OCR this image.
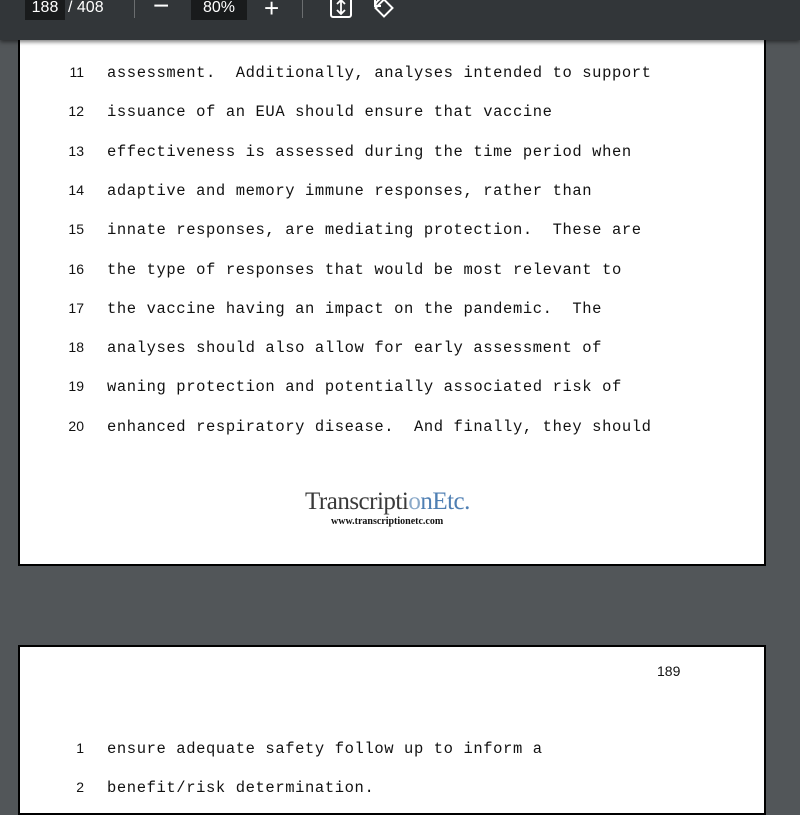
188 / 408 −	80%	+
11 assessment.  Additionally, analyses intended to support
12 issuance of an EUA should ensure that vaccine
13 effectiveness is assessed during the time period when
14 adaptive and memory immune responses, rather than
15 innate responses, are mediating protection.  These are
16 the type of responses that would be most relevant to
17 the vaccine having an impact on the pandemic.  The
18 analyses should also allow for early assessment of
19 waning protection and potentially associated risk of
20 enhanced respiratory disease.  And finally, they should
TranscriptionEtc.
www.transcriptionetc.com
189
1 ensure adequate safety follow up to inform a
2 benefit/risk determination.
